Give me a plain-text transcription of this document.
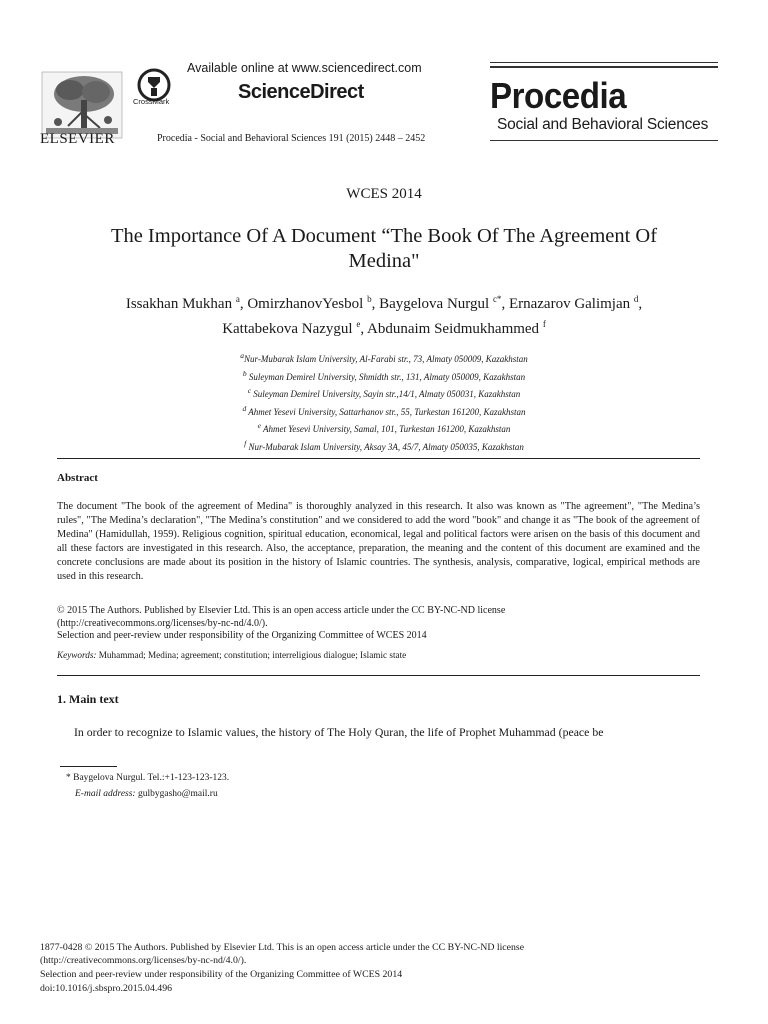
ELSEVIER
CrossMark
Available online at www.sciencedirect.com
ScienceDirect
Procedia - Social and Behavioral Sciences 191 (2015) 2448 – 2452
Procedia
Social and Behavioral Sciences
WCES 2014
The Importance Of A Document “The Book Of The Agreement Of
Medina"
Issakhan Mukhan $^a$, OmirzhanovYesbol $^b$, Baygelova Nurgul $^{c*}$, Ernazarov Galimjan $^d$,
Kattabekova Nazygul $^e$, Abdunaim Seidmukhammed $^f$
$^a$Nur-Mubarak Islam University, Al-Farabi str., 73, Almaty 050009, Kazakhstan
$^b$ Suleyman Demirel University, Shmidth str., 131, Almaty 050009, Kazakhstan
$^c$ Suleyman Demirel University, Sayin str.,14/1, Almaty 050031, Kazakhstan
$^d$ Ahmet Yesevi University, Sattarhanov str., 55, Turkestan 161200, Kazakhstan
$^e$ Ahmet Yesevi University, Samal, 101, Turkestan 161200, Kazakhstan
$^f$ Nur-Mubarak Islam University, Aksay 3A, 45/7, Almaty 050035, Kazakhstan
Abstract
The document "The book of the agreement of Medina" is thoroughly analyzed in this research. It also was known as "The agreement", "The Medina’s rules", "The Medina’s declaration", "The Medina’s constitution" and we considered to add the word "book" and change it as "The book of the agreement of Medina" (Hamidullah, 1959). Religious cognition, spiritual education, economical, legal and political factors were arisen on the basis of this document and all these factors are investigated in this research. Also, the acceptance, preparation, the meaning and the content of this document are examined and the concrete conclusions are made about its position in the history of Islamic countries. The synthesis, analysis, comparative, logical, empirical methods are used in this research.
© 2015 The Authors. Published by Elsevier Ltd. This is an open access article under the CC BY-NC-ND license
(http://creativecommons.org/licenses/by-nc-nd/4.0/).
Selection and peer-review under responsibility of the Organizing Committee of WCES 2014
Keywords: Muhammad; Medina; agreement; constitution; interreligious dialogue; Islamic state
1. Main text
In order to recognize to Islamic values, the history of The Holy Quran, the life of Prophet Muhammad (peace be
* Baygelova Nurgul. Tel.:+1-123-123-123.
E-mail address: gulbygasho@mail.ru
1877-0428 © 2015 The Authors. Published by Elsevier Ltd. This is an open access article under the CC BY-NC-ND license
(http://creativecommons.org/licenses/by-nc-nd/4.0/).
Selection and peer-review under responsibility of the Organizing Committee of WCES 2014
doi:10.1016/j.sbspro.2015.04.496
